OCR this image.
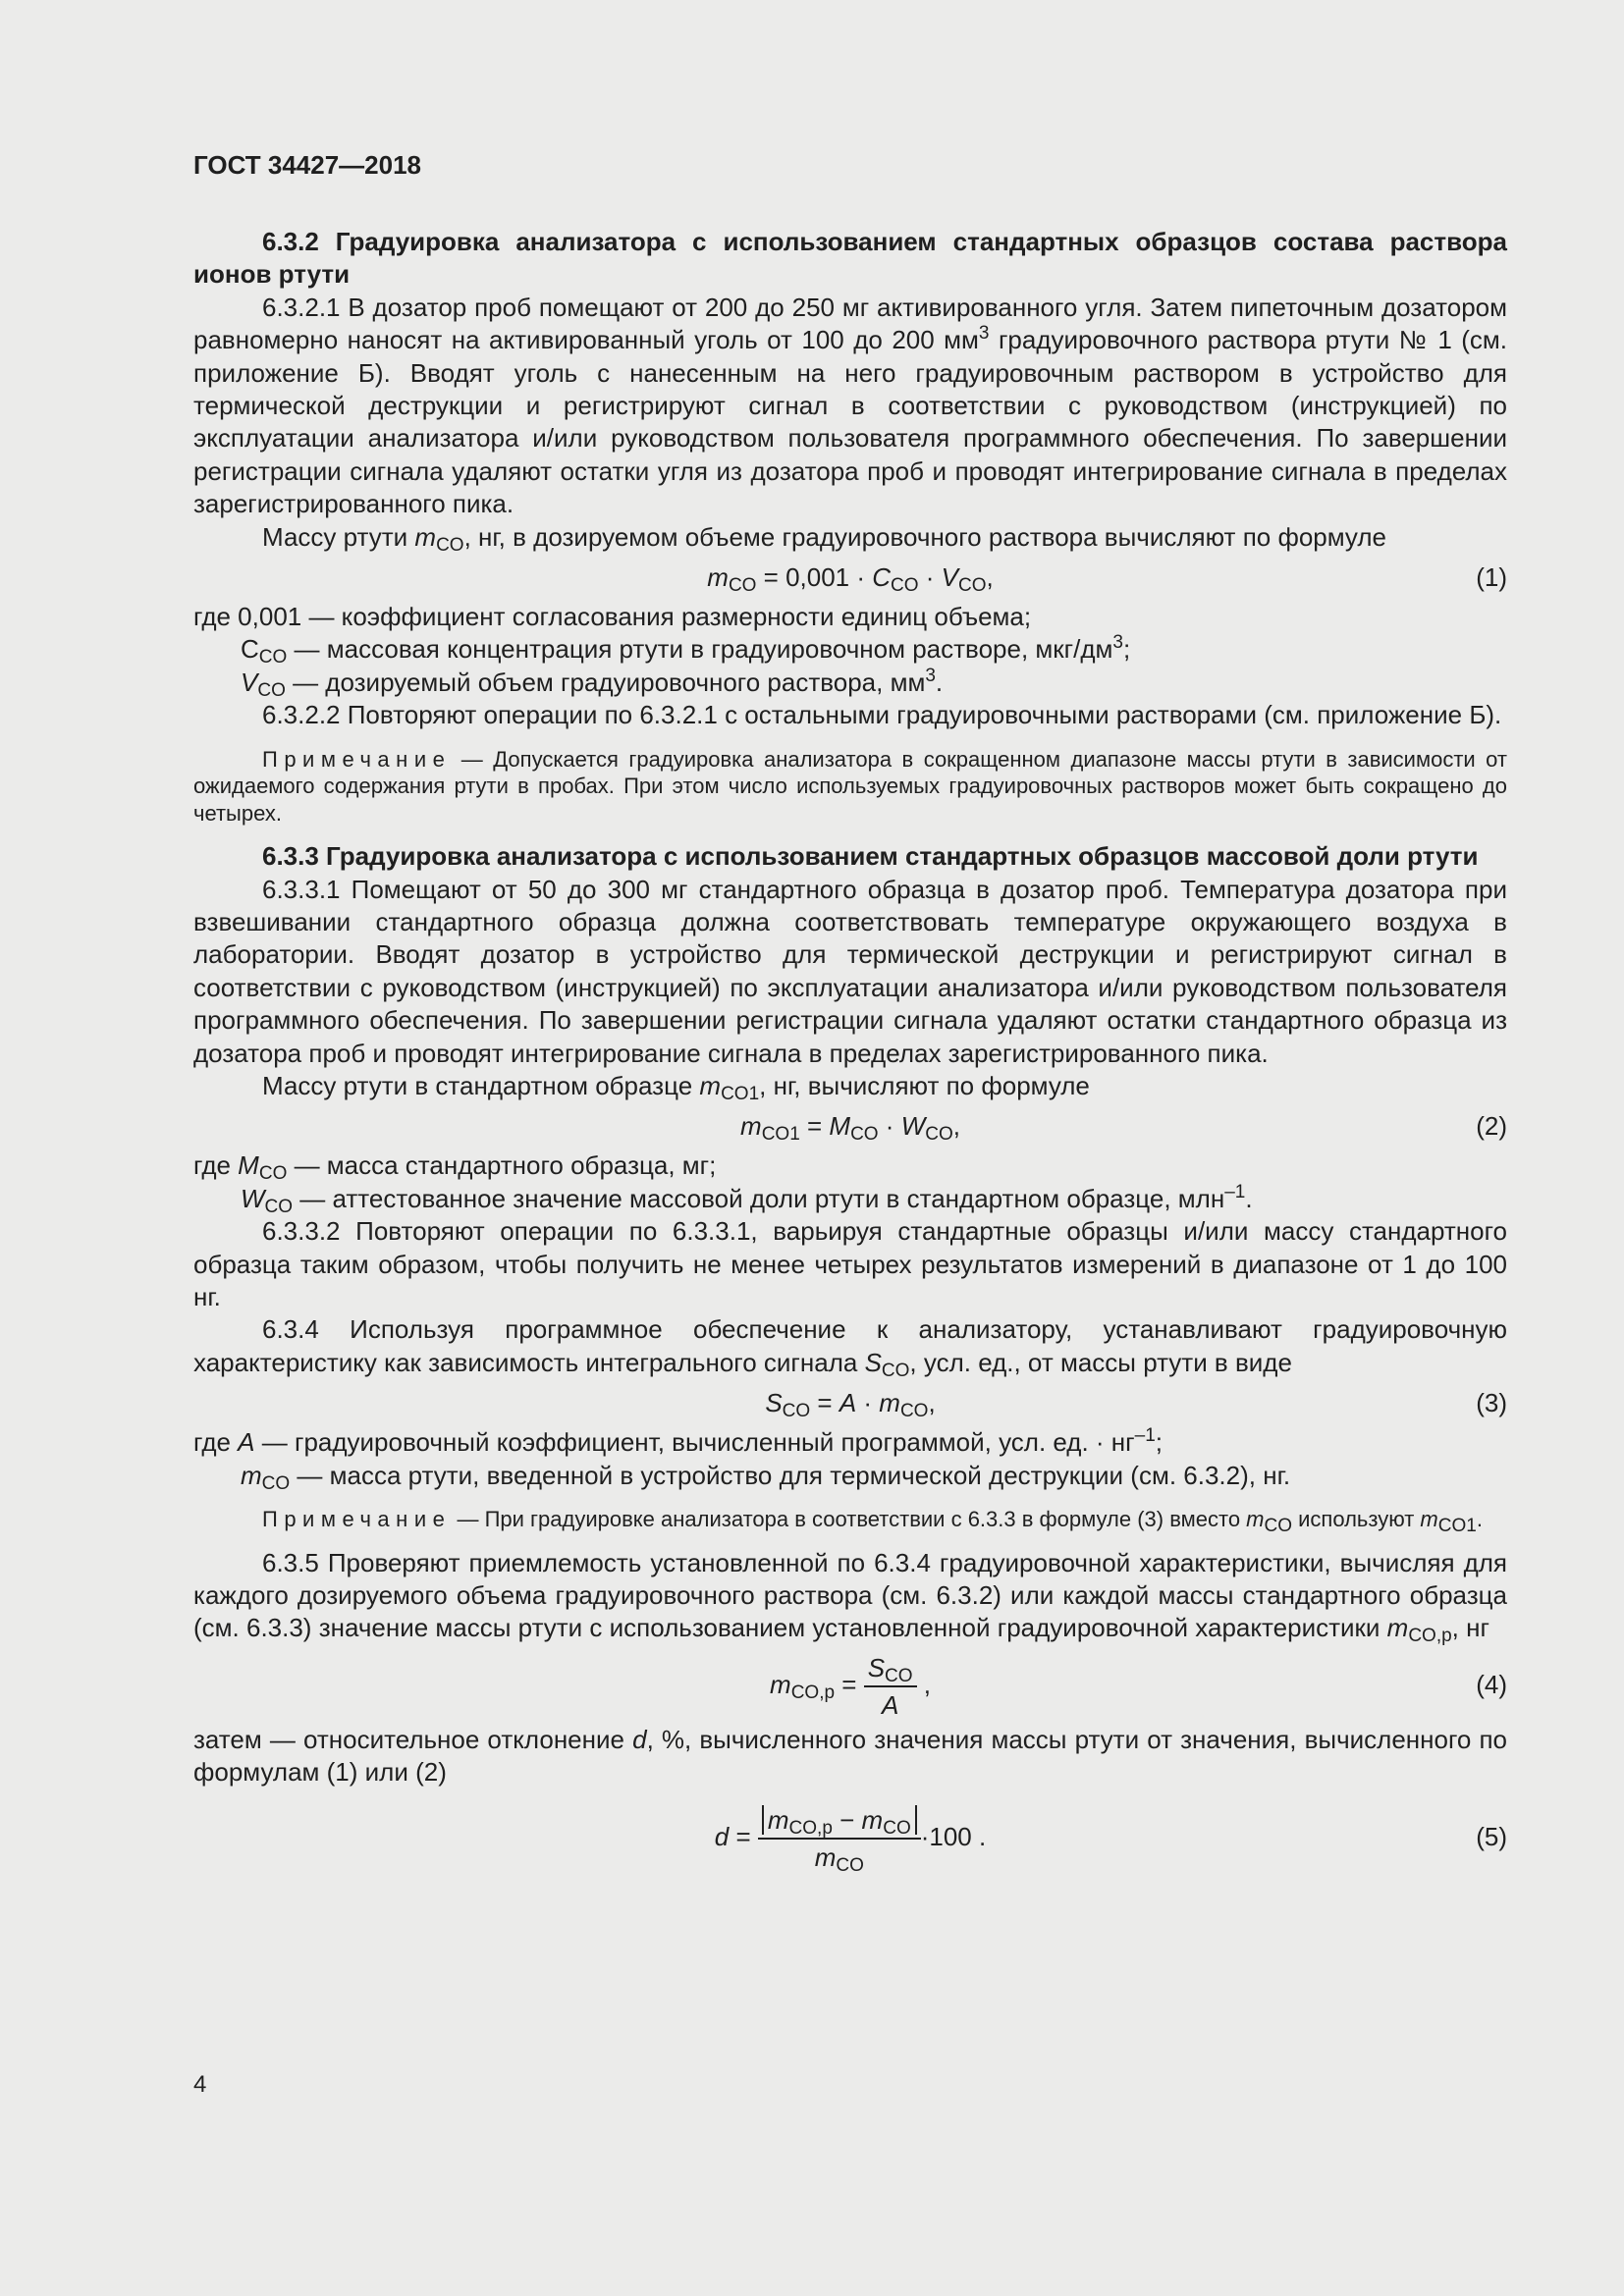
ГОСТ 34427—2018

6.3.2 Градуировка анализатора с использованием стандартных образцов состава раствора ионов ртути

6.3.2.1 В дозатор проб помещают от 200 до 250 мг активированного угля. Затем пипеточным дозатором равномерно наносят на активированный уголь от 100 до 200 $мм^3$ градуировочного раствора ртути № 1 (см. приложение Б). Вводят уголь с нанесенным на него градуировочным раствором в устройство для термической деструкции и регистрируют сигнал в соответствии с руководством (инструкцией) по эксплуатации анализатора и/или руководством пользователя программного обеспечения. По завершении регистрации сигнала удаляют остатки угля из дозатора проб и проводят интегрирование сигнала в пределах зарегистрированного пика.

Массу ртути $m_{CO}$, нг, в дозируемом объеме градуировочного раствора вычисляют по формуле

$m_{CO} = 0,001 \cdot C_{CO} \cdot V_{CO}$,	(1)

где 0,001 — коэффициент согласования размерности единиц объема;

$C_{CO}$ — массовая концентрация ртути в градуировочном растворе, мкг/$дм^3$;

$V_{CO}$ — дозируемый объем градуировочного раствора, $мм^3$.

6.3.2.2 Повторяют операции по 6.3.2.1 с остальными градуировочными растворами (см. приложение Б).

Примечание — Допускается градуировка анализатора в сокращенном диапазоне массы ртути в зависимости от ожидаемого содержания ртути в пробах. При этом число используемых градуировочных растворов может быть сокращено до четырех.

6.3.3 Градуировка анализатора с использованием стандартных образцов массовой доли ртути

6.3.3.1 Помещают от 50 до 300 мг стандартного образца в дозатор проб. Температура дозатора при взвешивании стандартного образца должна соответствовать температуре окружающего воздуха в лаборатории. Вводят дозатор в устройство для термической деструкции и регистрируют сигнал в соответствии с руководством (инструкцией) по эксплуатации анализатора и/или руководством пользователя программного обеспечения. По завершении регистрации сигнала удаляют остатки стандартного образца из дозатора проб и проводят интегрирование сигнала в пределах зарегистрированного пика.

Массу ртути в стандартном образце $m_{CO1}$, нг, вычисляют по формуле

$m_{CO1} = M_{CO} \cdot W_{CO}$,	(2)

где $M_{CO}$ — масса стандартного образца, мг;

$W_{CO}$ — аттестованное значение массовой доли ртути в стандартном образце, млн$^{-1}$.

6.3.3.2 Повторяют операции по 6.3.3.1, варьируя стандартные образцы и/или массу стандартного образца таким образом, чтобы получить не менее четырех результатов измерений в диапазоне от 1 до 100 нг.

6.3.4 Используя программное обеспечение к анализатору, устанавливают градуировочную характеристику как зависимость интегрального сигнала $S_{CO}$, усл. ед., от массы ртути в виде

$S_{CO} = A \cdot m_{CO}$,	(3)

где A — градуировочный коэффициент, вычисленный программой, усл. ед. · $нг^{-1}$;

$m_{CO}$ — масса ртути, введенной в устройство для термической деструкции (см. 6.3.2), нг.

Примечание — При градуировке анализатора в соответствии с 6.3.3 в формуле (3) вместо $m_{CO}$ используют $m_{CO1}$.

6.3.5 Проверяют приемлемость установленной по 6.3.4 градуировочной характеристики, вычисляя для каждого дозируемого объема градуировочного раствора (см. 6.3.2) или каждой массы стандартного образца (см. 6.3.3) значение массы ртути с использованием установленной градуировочной характеристики $m_{CO,p}$, нг

$m_{CO,p} = \frac{S_{CO}}{A}$ ,	(4)

затем — относительное отклонение d, %, вычисленного значения массы ртути от значения, вычисленного по формулам (1) или (2)

$d = \frac{m_{CO,p} - m_{CO}}{m_{CO}} \cdot 100$ .	(5)
4
